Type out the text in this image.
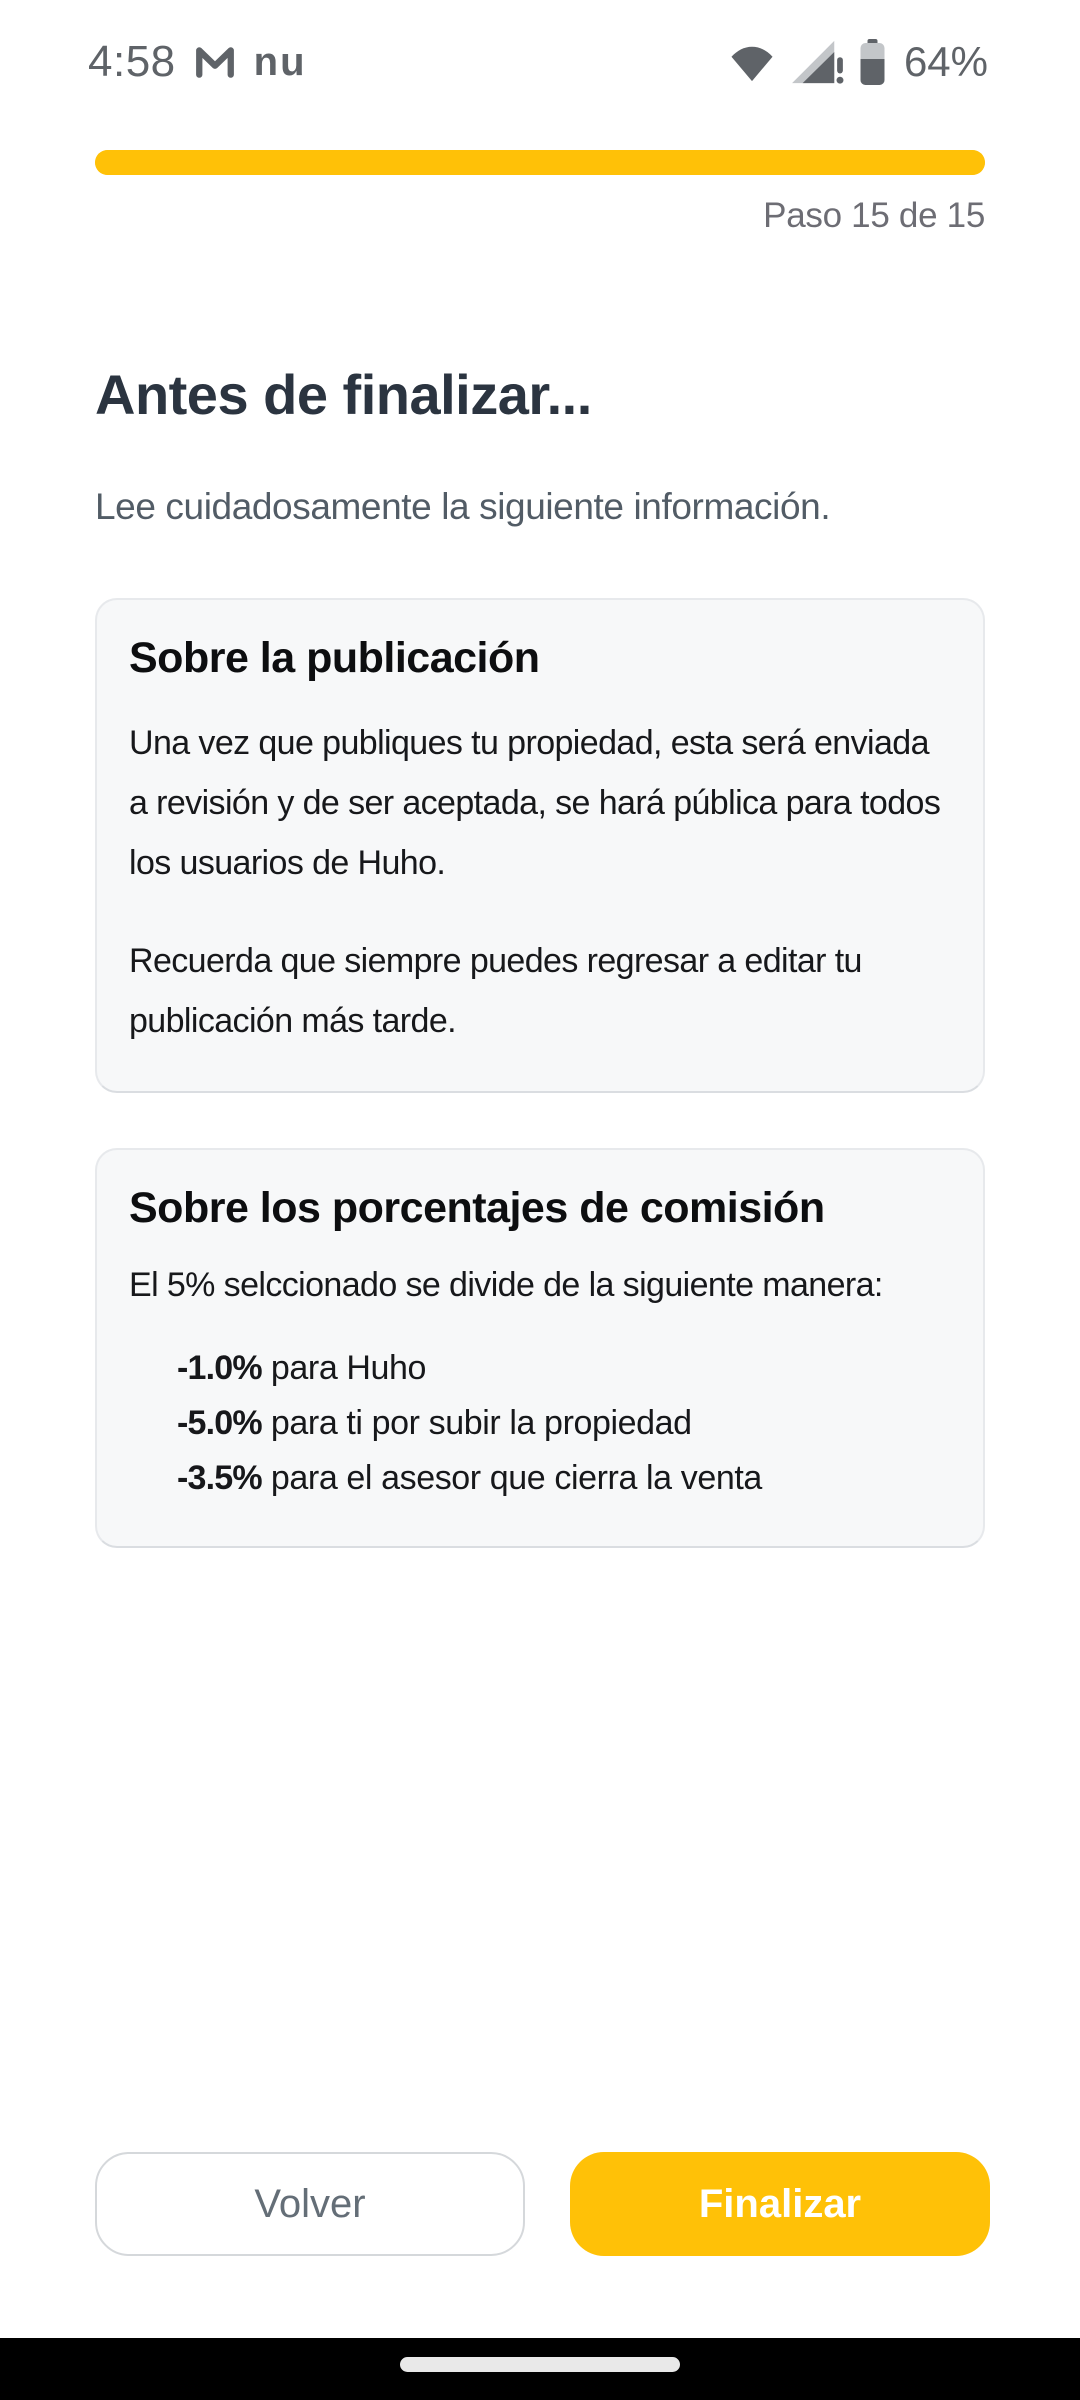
4:58 nu	64%
Paso 15 de 15
Antes de finalizar...
Lee cuidadosamente la siguiente información.
Sobre la publicación

Una vez que publiques tu propiedad, esta será enviada a revisión y de ser aceptada, se hará pública para todos los usuarios de Huho.

Recuerda que siempre puedes regresar a editar tu publicación más tarde.

Sobre los porcentajes de comisión

El 5% selccionado se divide de la siguiente manera:

-1.0% para Huho
-5.0% para ti por subir la propiedad
-3.5% para el asesor que cierra la venta
Volver	Finalizar
